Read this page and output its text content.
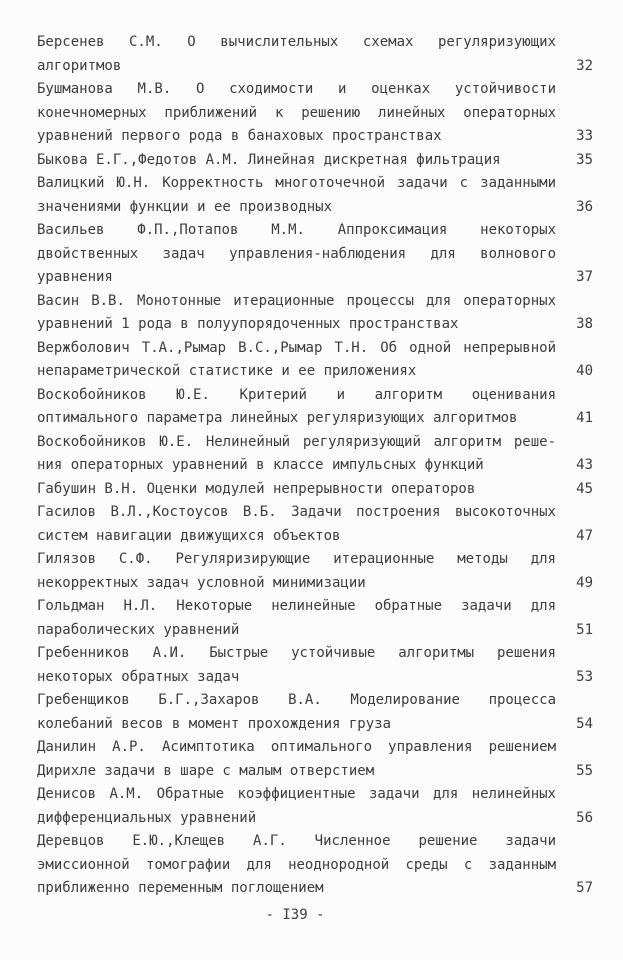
Берсенев С.М. О вычислительных схемах регуляризующих
алгоритмов	32
Бушманова М.В. О сходимости и оценках устойчивости
конечномерных приближений к решению линейных операторных
уравнений первого рода в банаховых пространствах	33
Быкова Е.Г.,Федотов А.М. Линейная дискретная фильтрация	35
Валицкий Ю.Н. Корректность многоточечной задачи с заданными
значениями функции и ее производных	36
Васильев Ф.П.,Потапов М.М. Аппроксимация некоторых
двойственных задач управления-наблюдения для волнового
уравнения	37
Васин В.В. Монотонные итерационные процессы для операторных
уравнений 1 рода в полуупорядоченных пространствах	38
Вержболович Т.А.,Рымар В.С.,Рымар Т.Н. Об одной непрерывной
непараметрической статистике и ее приложениях	40
Воскобойников Ю.Е. Критерий и алгоритм оценивания
оптимального параметра линейных регуляризующих алгоритмов	41
Воскобойников Ю.Е. Нелинейный регуляризующий алгоритм реше-
ния операторных уравнений в классе импульсных функций	43
Габушин В.Н. Оценки модулей непрерывности операторов	45
Гасилов В.Л.,Костоусов В.Б. Задачи построения высокоточных
систем навигации движущихся объектов	47
Гилязов С.Ф. Регуляризирующие итерационные методы для
некорректных задач условной минимизации	49
Гольдман Н.Л. Некоторые нелинейные обратные задачи для
параболических уравнений	51
Гребенников А.И. Быстрые устойчивые алгоритмы решения
некоторых обратных задач	53
Гребенщиков Б.Г.,Захаров В.А. Моделирование процесса
колебаний весов в момент прохождения груза	54
Данилин А.Р. Асимптотика оптимального управления решением
Дирихле задачи в шаре с малым отверстием	55
Денисов А.М. Обратные коэффициентные задачи для нелинейных
дифференциальных уравнений	56
Деревцов Е.Ю.,Клещев А.Г. Численное решение задачи
эмиссионной томографии для неоднородной среды с заданным
приближенно переменным поглощением	57
- I39 -
